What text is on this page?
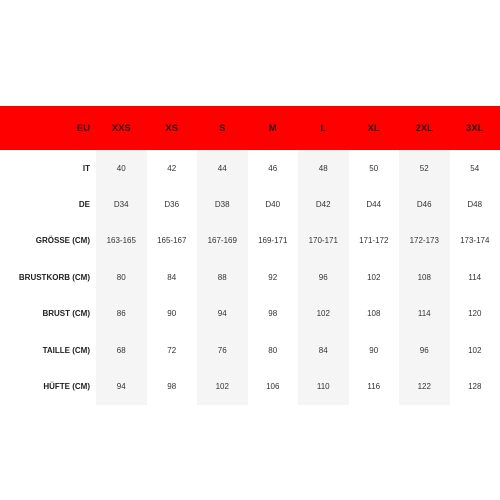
EU	XXS	XS	S	M	L	XL	2XL	3XL
IT	40	42	44	46	48	50	52	54
DE	D34	D36	D38	D40	D42	D44	D46	D48
GRÖSSE (CM)	163-165	165-167	167-169	169-171	170-171	171-172	172-173	173-174
BRUSTKORB (CM)	80	84	88	92	96	102	108	114
BRUST (CM)	86	90	94	98	102	108	114	120
TAILLE (CM)	68	72	76	80	84	90	96	102
HÜFTE (CM)	94	98	102	106	110	116	122	128
